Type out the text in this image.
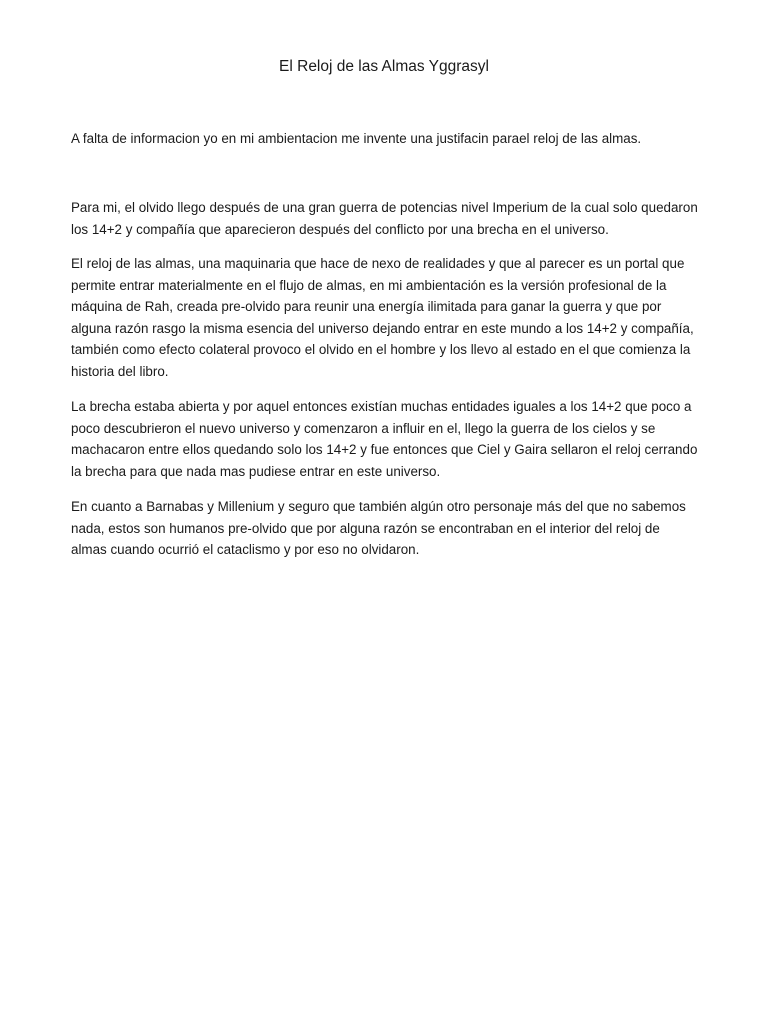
El Reloj de las Almas Yggrasyl

A falta de informacion yo en mi ambientacion me invente una justifacin parael reloj de las almas.

Para mi, el olvido llego después de una gran guerra de potencias nivel Imperium de la cual solo quedaron los 14+2 y compañía que aparecieron después del conflicto por una brecha en el universo.

El reloj de las almas, una maquinaria que hace de nexo de realidades y que al parecer es un portal que permite entrar materialmente en el flujo de almas, en mi ambientación es la versión profesional de la máquina de Rah, creada pre-olvido para reunir una energía ilimitada para ganar la guerra y que por alguna razón rasgo la misma esencia del universo dejando entrar en este mundo a los 14+2 y compañía, también como efecto colateral provoco el olvido en el hombre y los llevo al estado en el que comienza la historia del libro.

La brecha estaba abierta y por aquel entonces existían muchas entidades iguales a los 14+2 que poco a poco descubrieron el nuevo universo y comenzaron a influir en el, llego la guerra de los cielos y se machacaron entre ellos quedando solo los 14+2 y fue entonces que Ciel y Gaira sellaron el reloj cerrando la brecha para que nada mas pudiese entrar en este universo.

En cuanto a Barnabas y Millenium y seguro que también algún otro personaje más del que no sabemos nada, estos son humanos pre-olvido que por alguna razón se encontraban en el interior del reloj de almas cuando ocurrió el cataclismo y por eso no olvidaron.
